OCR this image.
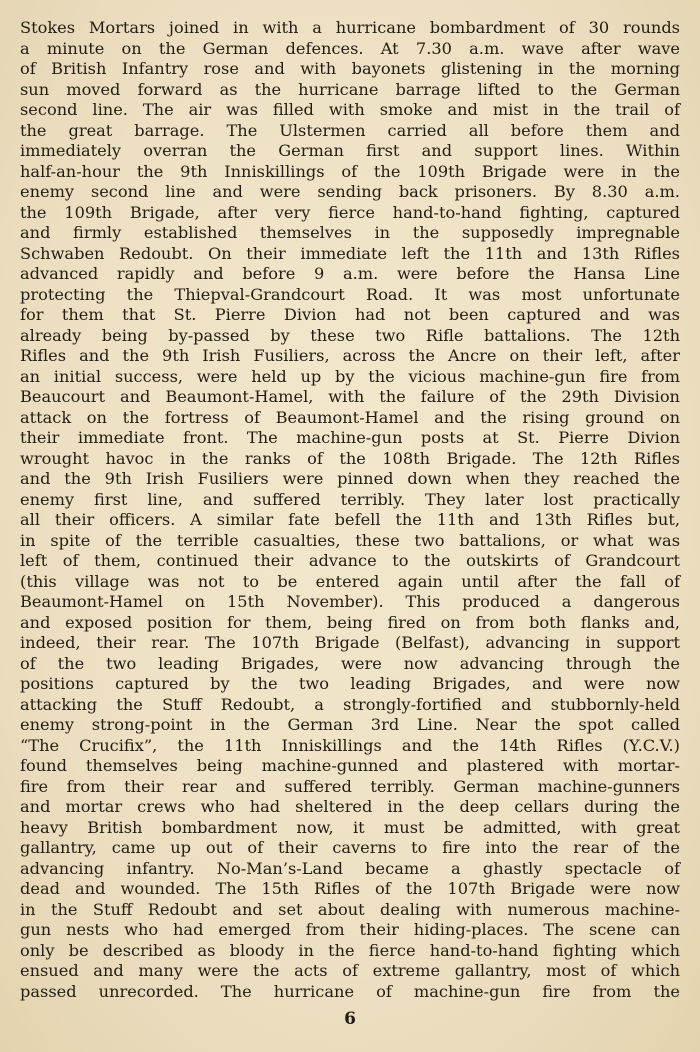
Stokes Mortars joined in with a hurricane bombardment of 30 rounds
a minute on the German defences. At 7.30 a.m. wave after wave
of British Infantry rose and with bayonets glistening in the morning
sun moved forward as the hurricane barrage lifted to the German
second line. The air was filled with smoke and mist in the trail of
the great barrage. The Ulstermen carried all before them and
immediately overran the German first and support lines. Within
half-an-hour the 9th Inniskillings of the 109th Brigade were in the
enemy second line and were sending back prisoners. By 8.30 a.m.
the 109th Brigade, after very fierce hand-to-hand fighting, captured
and firmly established themselves in the supposedly impregnable
Schwaben Redoubt. On their immediate left the 11th and 13th Rifles
advanced rapidly and before 9 a.m. were before the Hansa Line
protecting the Thiepval-Grandcourt Road. It was most unfortunate
for them that St. Pierre Divion had not been captured and was
already being by-passed by these two Rifle battalions. The 12th
Rifles and the 9th Irish Fusiliers, across the Ancre on their left, after
an initial success, were held up by the vicious machine-gun fire from
Beaucourt and Beaumont-Hamel, with the failure of the 29th Division
attack on the fortress of Beaumont-Hamel and the rising ground on
their immediate front. The machine-gun posts at St. Pierre Divion
wrought havoc in the ranks of the 108th Brigade. The 12th Rifles
and the 9th Irish Fusiliers were pinned down when they reached the
enemy first line, and suffered terribly. They later lost practically
all their officers. A similar fate befell the 11th and 13th Rifles but,
in spite of the terrible casualties, these two battalions, or what was
left of them, continued their advance to the outskirts of Grandcourt
(this village was not to be entered again until after the fall of
Beaumont-Hamel on 15th November). This produced a dangerous
and exposed position for them, being fired on from both flanks and,
indeed, their rear. The 107th Brigade (Belfast), advancing in support
of the two leading Brigades, were now advancing through the
positions captured by the two leading Brigades, and were now
attacking the Stuff Redoubt, a strongly-fortified and stubbornly-held
enemy strong-point in the German 3rd Line. Near the spot called
“The Crucifix”, the 11th Inniskillings and the 14th Rifles (Y.C.V.)
found themselves being machine-gunned and plastered with mortar-
fire from their rear and suffered terribly. German machine-gunners
and mortar crews who had sheltered in the deep cellars during the
heavy British bombardment now, it must be admitted, with great
gallantry, came up out of their caverns to fire into the rear of the
advancing infantry. No-Man’s-Land became a ghastly spectacle of
dead and wounded. The 15th Rifles of the 107th Brigade were now
in the Stuff Redoubt and set about dealing with numerous machine-
gun nests who had emerged from their hiding-places. The scene can
only be described as bloody in the fierce hand-to-hand fighting which
ensued and many were the acts of extreme gallantry, most of which
passed unrecorded. The hurricane of machine-gun fire from the
6
